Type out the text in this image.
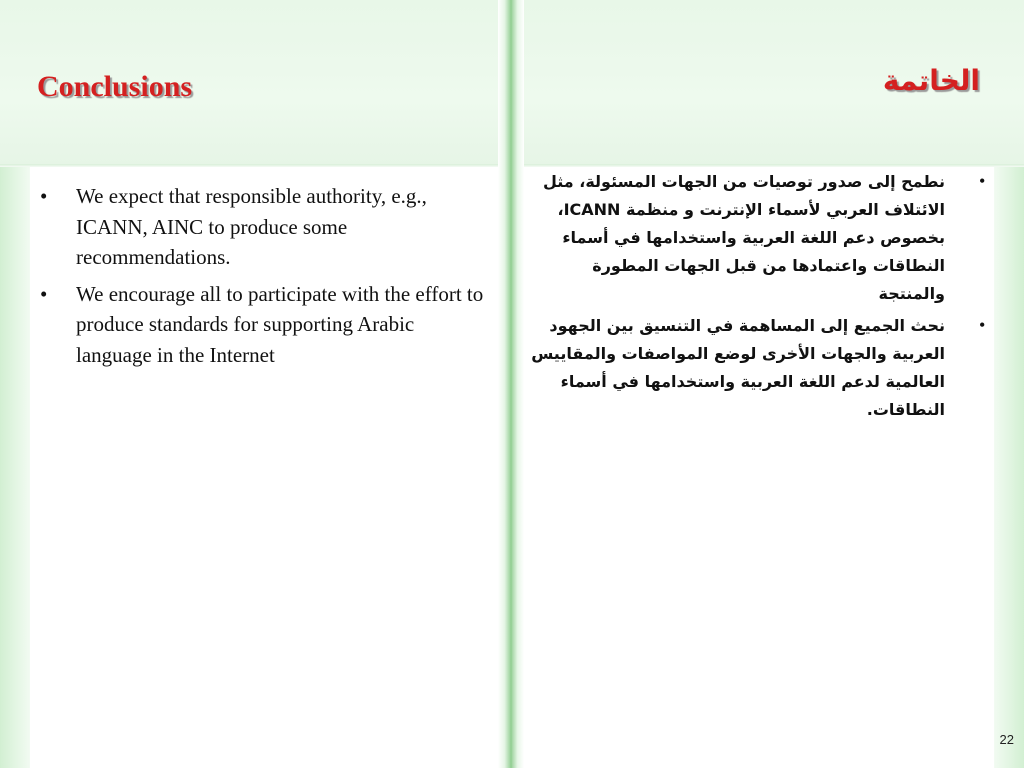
Conclusions	الخاتمة
• We expect that responsible authority, e.g., ICANN, AINC to produce some recommendations.
• We encourage all to participate with the effort to produce standards for supporting Arabic language in the Internet
•
نطمح إلى صدور توصيات من الجهات المسئولة، مثل الائتلاف العربي لأسماء الإنترنت و منظمة ICANN، بخصوص دعم اللغة العربية واستخدامها في أسماء النطاقات واعتمادها من قبل الجهات المطورة والمنتجة
•
نحث الجميع إلى المساهمة في التنسيق بين الجهود العربية والجهات الأخرى لوضع المواصفات والمقاييس العالمية لدعم اللغة العربية واستخدامها في أسماء النطاقات.
22
